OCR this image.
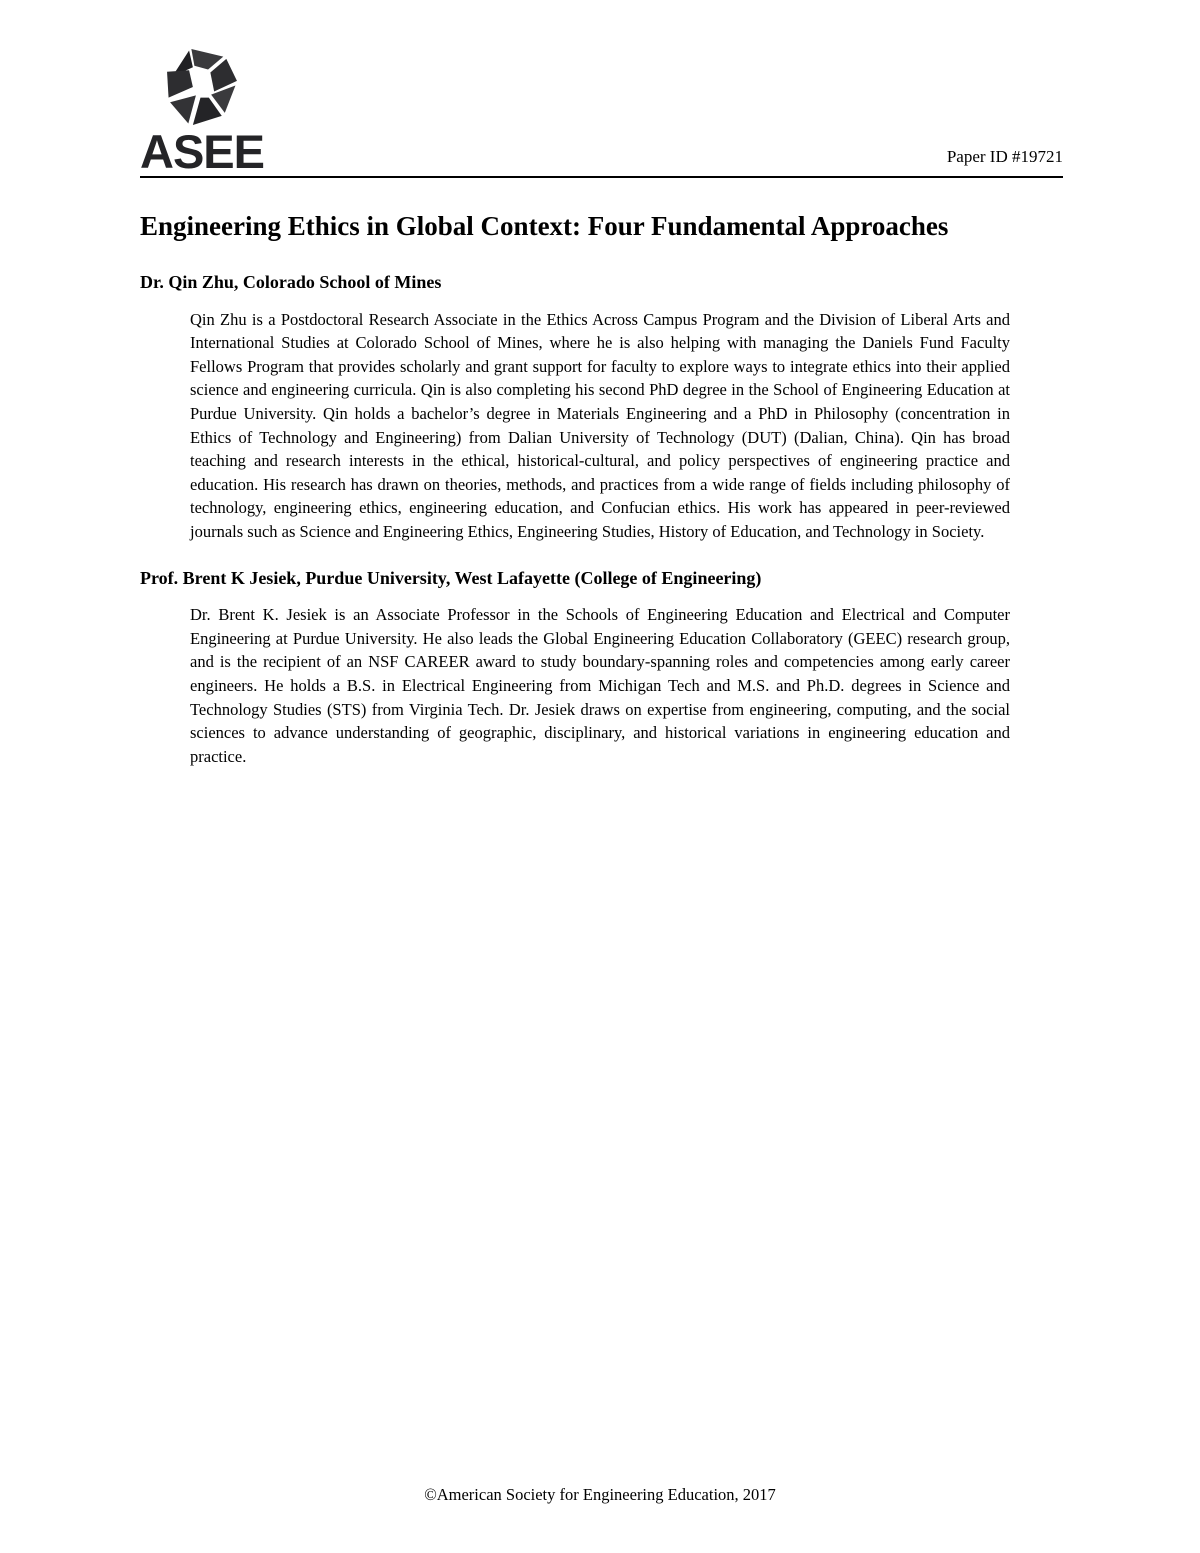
ASEE	Paper ID #19721
Engineering Ethics in Global Context: Four Fundamental Approaches
Dr. Qin Zhu, Colorado School of Mines

Qin Zhu is a Postdoctoral Research Associate in the Ethics Across Campus Program and the Division of Liberal Arts and International Studies at Colorado School of Mines, where he is also helping with managing the Daniels Fund Faculty Fellows Program that provides scholarly and grant support for faculty to explore ways to integrate ethics into their applied science and engineering curricula. Qin is also completing his second PhD degree in the School of Engineering Education at Purdue University. Qin holds a bachelor’s degree in Materials Engineering and a PhD in Philosophy (concentration in Ethics of Technology and Engineering) from Dalian University of Technology (DUT) (Dalian, China). Qin has broad teaching and research interests in the ethical, historical-cultural, and policy perspectives of engineering practice and education. His research has drawn on theories, methods, and practices from a wide range of fields including philosophy of technology, engineering ethics, engineering education, and Confucian ethics. His work has appeared in peer-reviewed journals such as Science and Engineering Ethics, Engineering Studies, History of Education, and Technology in Society.

Prof. Brent K Jesiek, Purdue University, West Lafayette (College of Engineering)

Dr. Brent K. Jesiek is an Associate Professor in the Schools of Engineering Education and Electrical and Computer Engineering at Purdue University. He also leads the Global Engineering Education Collaboratory (GEEC) research group, and is the recipient of an NSF CAREER award to study boundary-spanning roles and competencies among early career engineers. He holds a B.S. in Electrical Engineering from Michigan Tech and M.S. and Ph.D. degrees in Science and Technology Studies (STS) from Virginia Tech. Dr. Jesiek draws on expertise from engineering, computing, and the social sciences to advance understanding of geographic, disciplinary, and historical variations in engineering education and practice.

©American Society for Engineering Education, 2017
